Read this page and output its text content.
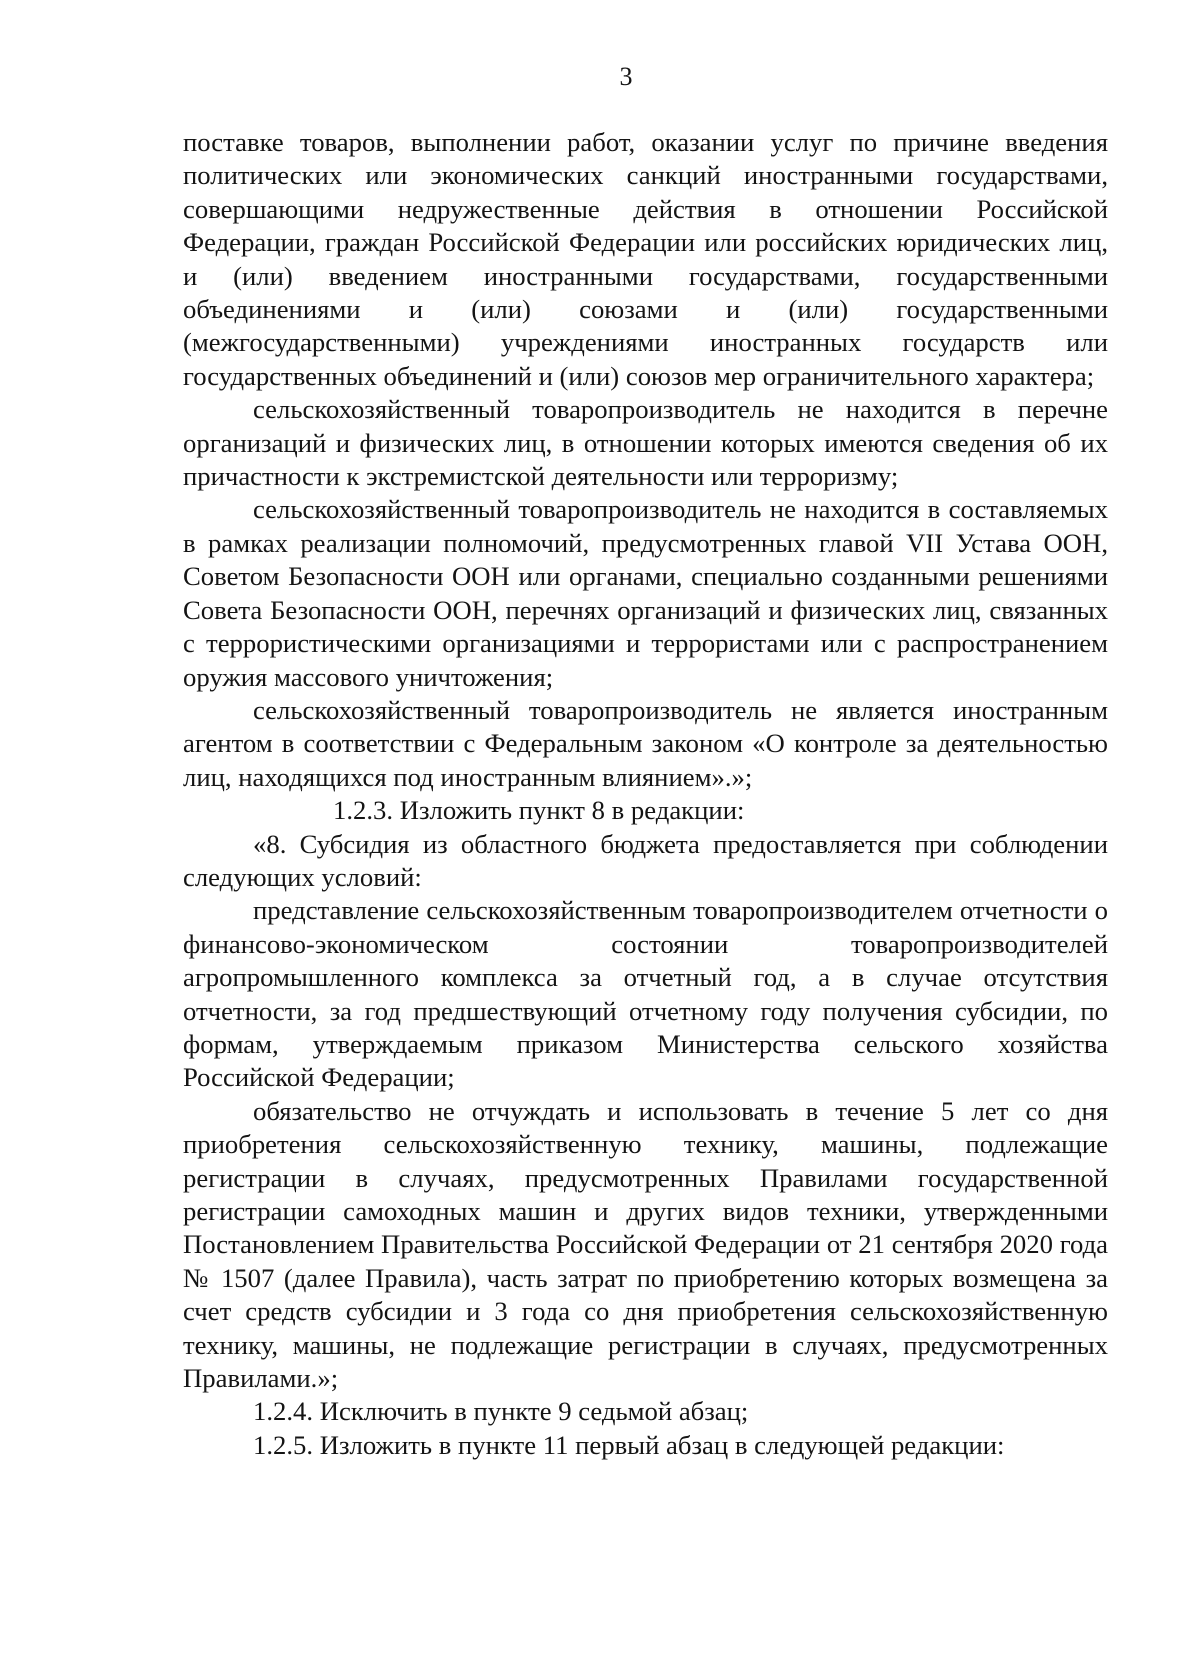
3

поставке товаров, выполнении работ, оказании услуг по причине введения политических или экономических санкций иностранными государствами, совершающими недружественные действия в отношении Российской Федерации, граждан Российской Федерации или российских юридических лиц, и (или) введением иностранными государствами, государственными объединениями и (или) союзами и (или) государственными (межгосударственными) учреждениями иностранных государств или государственных объединений и (или) союзов мер ограничительного характера;

сельскохозяйственный товаропроизводитель не находится в перечне организаций и физических лиц, в отношении которых имеются сведения об их причастности к экстремистской деятельности или терроризму;

сельскохозяйственный товаропроизводитель не находится в составляемых в рамках реализации полномочий, предусмотренных главой VII Устава ООН, Советом Безопасности ООН или органами, специально созданными решениями Совета Безопасности ООН, перечнях организаций и физических лиц, связанных с террористическими организациями и террористами или с распространением оружия массового уничтожения;

сельскохозяйственный товаропроизводитель не является иностранным агентом в соответствии с Федеральным законом «О контроле за деятельностью лиц, находящихся под иностранным влиянием».»;

1.2.3. Изложить пункт 8 в редакции:

«8. Субсидия из областного бюджета предоставляется при соблюдении следующих условий:

представление сельскохозяйственным товаропроизводителем отчетности о финансово-экономическом состоянии товаропроизводителей агропромышленного комплекса за отчетный год, а в случае отсутствия отчетности, за год предшествующий отчетному году получения субсидии, по формам, утверждаемым приказом Министерства сельского хозяйства Российской Федерации;

обязательство не отчуждать и использовать в течение 5 лет со дня приобретения сельскохозяйственную технику, машины, подлежащие регистрации в случаях, предусмотренных Правилами государственной регистрации самоходных машин и других видов техники, утвержденными Постановлением Правительства Российской Федерации от 21 сентября 2020 года № 1507 (далее Правила), часть затрат по приобретению которых возмещена за счет средств субсидии и 3 года со дня приобретения сельскохозяйственную технику, машины, не подлежащие регистрации в случаях, предусмотренных Правилами.»;

1.2.4. Исключить в пункте 9 седьмой абзац;

1.2.5. Изложить в пункте 11 первый абзац в следующей редакции:
